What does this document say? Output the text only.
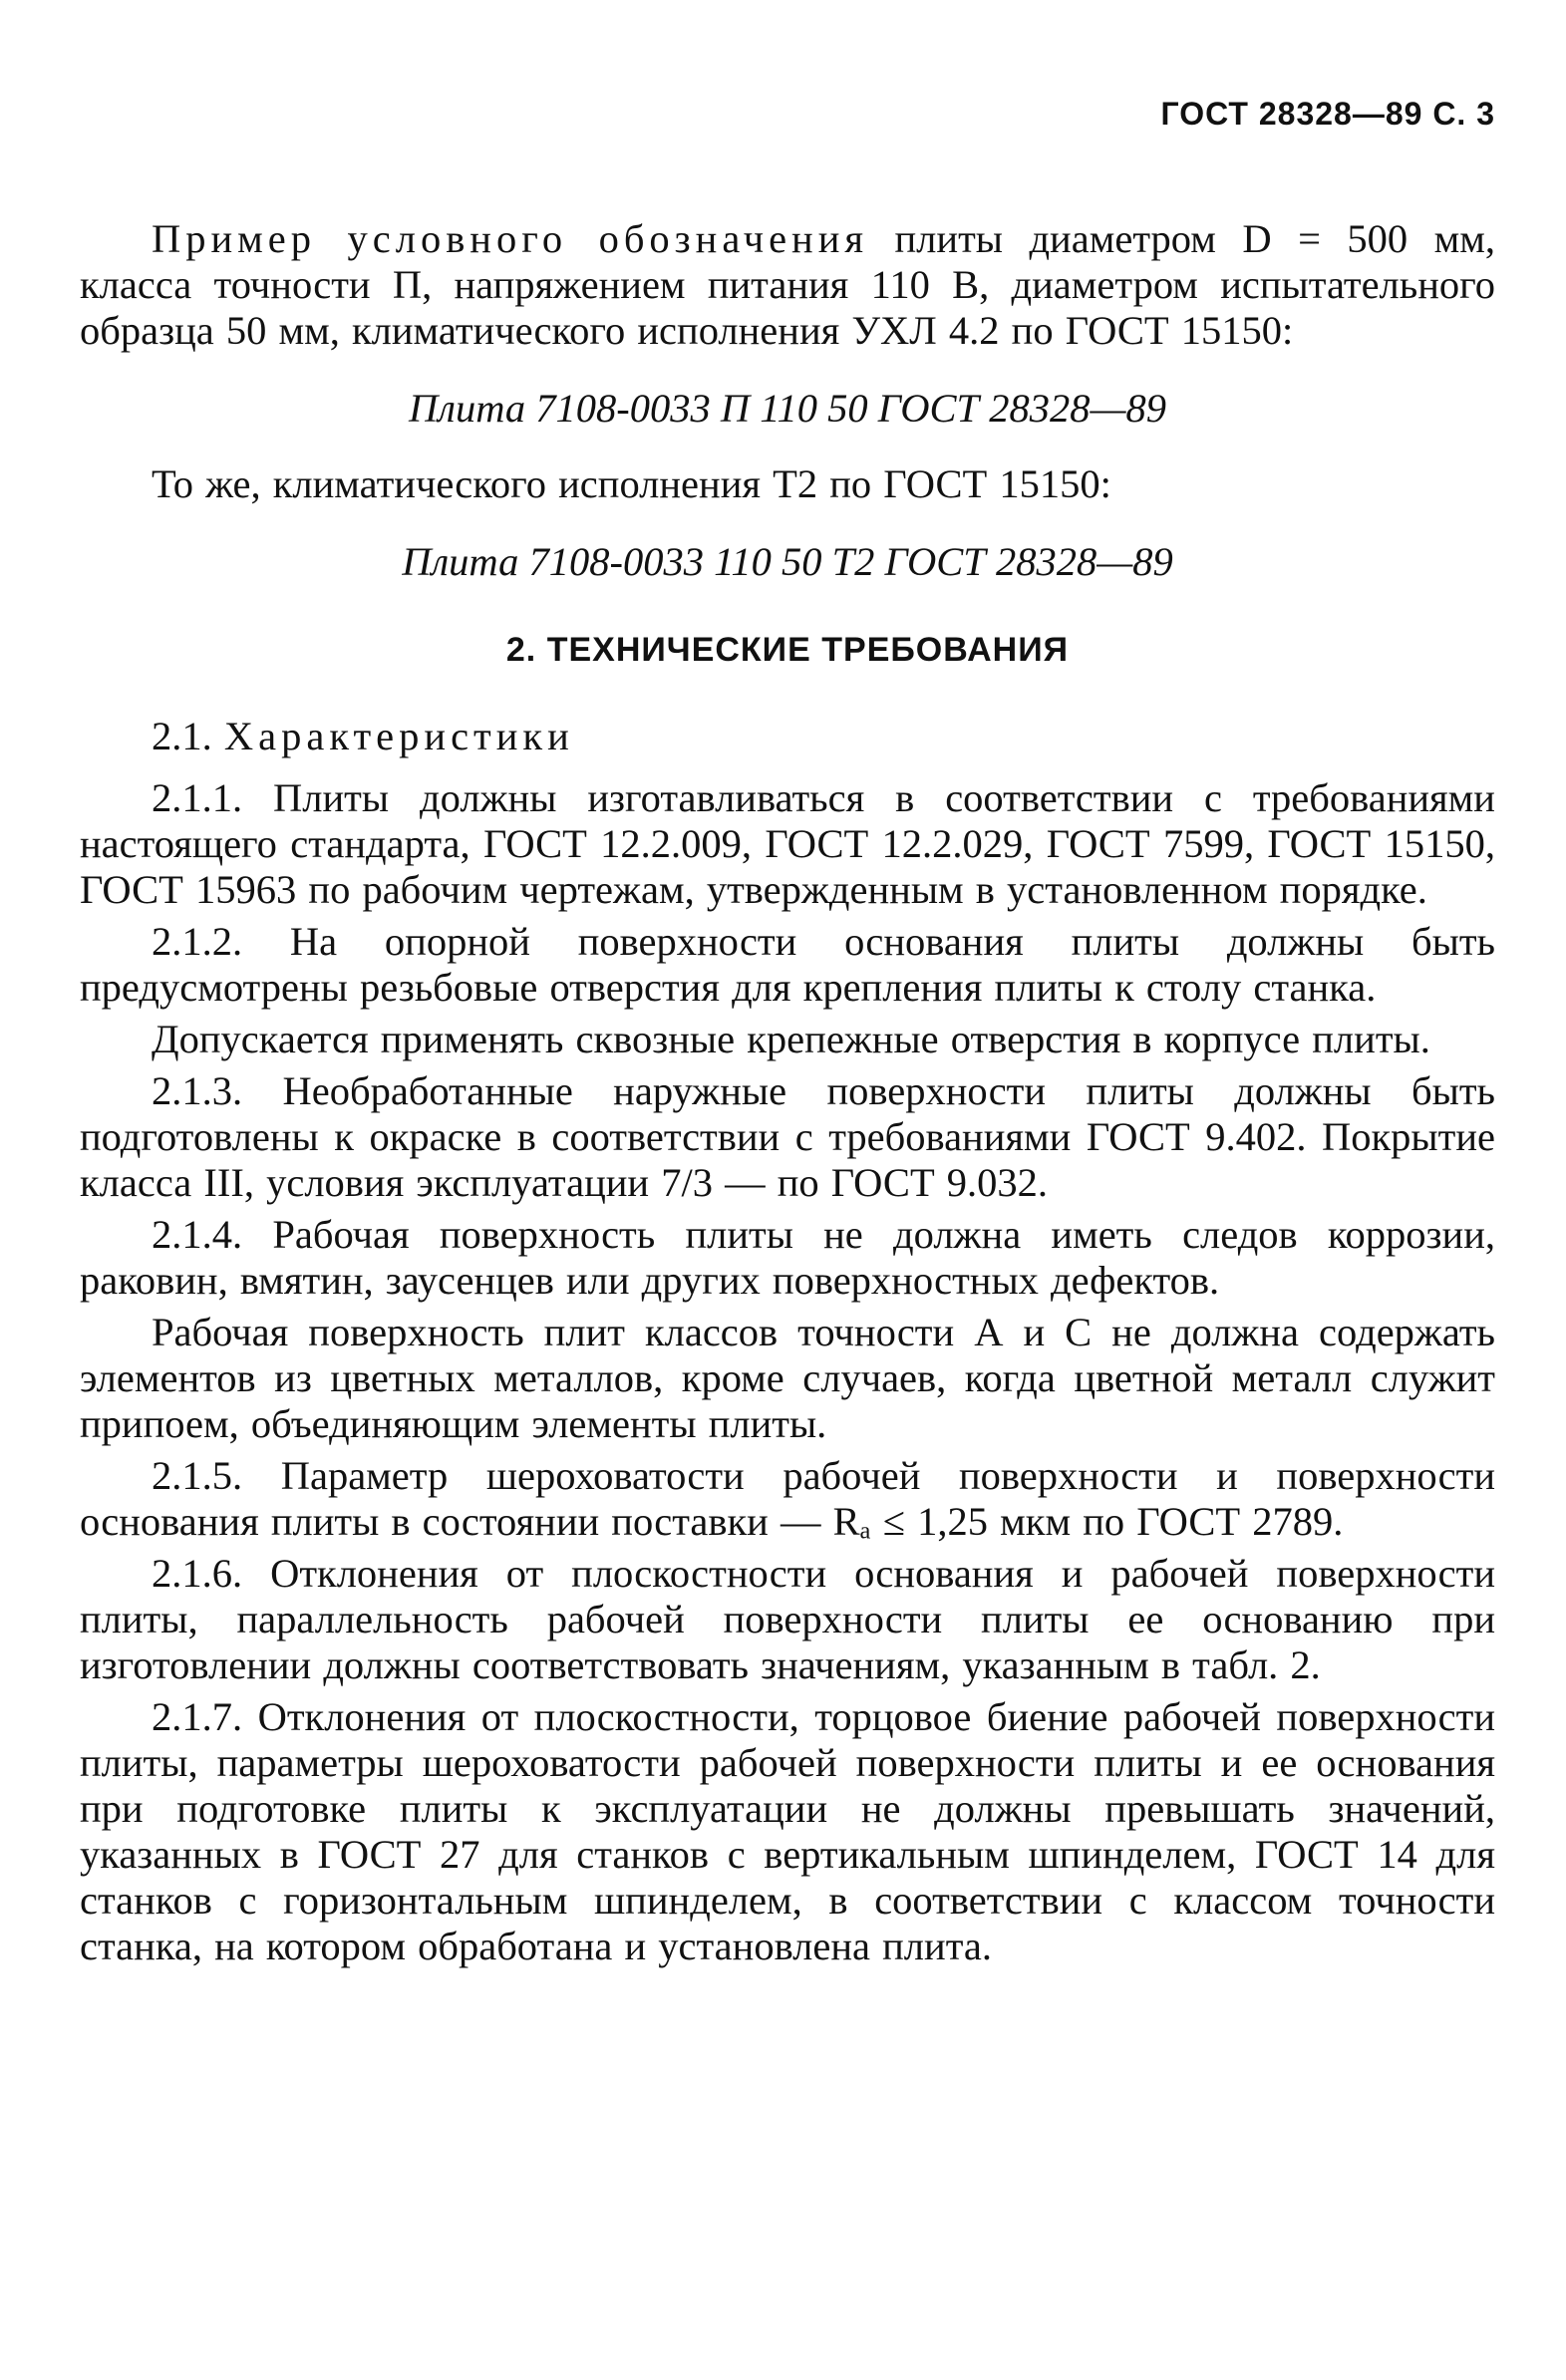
ГОСТ 28328—89 С. 3

Пример условного обозначения плиты диаметром D = 500 мм, класса точности П, напряжением питания 110 В, диаметром испытательного образца 50 мм, климатического исполнения УХЛ 4.2 по ГОСТ 15150:

Плита 7108-0033 П 110 50 ГОСТ 28328—89

То же, климатического исполнения Т2 по ГОСТ 15150:

Плита 7108-0033 110 50 Т2 ГОСТ 28328—89
2. ТЕХНИЧЕСКИЕ ТРЕБОВАНИЯ

2.1. Характеристики

2.1.1. Плиты должны изготавливаться в соответствии с требованиями настоящего стандарта, ГОСТ 12.2.009, ГОСТ 12.2.029, ГОСТ 7599, ГОСТ 15150, ГОСТ 15963 по рабочим чертежам, утвержденным в установленном порядке.

2.1.2. На опорной поверхности основания плиты должны быть предусмотрены резьбовые отверстия для крепления плиты к столу станка.

Допускается применять сквозные крепежные отверстия в корпусе плиты.

2.1.3. Необработанные наружные поверхности плиты должны быть подготовлены к окраске в соответствии с требованиями ГОСТ 9.402. Покрытие класса III, условия эксплуатации 7/3 — по ГОСТ 9.032.

2.1.4. Рабочая поверхность плиты не должна иметь следов коррозии, раковин, вмятин, заусенцев или других поверхностных дефектов.

Рабочая поверхность плит классов точности А и С не должна содержать элементов из цветных металлов, кроме случаев, когда цветной металл служит припоем, объединяющим элементы плиты.

2.1.5. Параметр шероховатости рабочей поверхности и поверхности основания плиты в состоянии поставки — Rₐ ≤ 1,25 мкм по ГОСТ 2789.

2.1.6. Отклонения от плоскостности основания и рабочей поверхности плиты, параллельность рабочей поверхности плиты ее основанию при изготовлении должны соответствовать значениям, указанным в табл. 2.

2.1.7. Отклонения от плоскостности, торцовое биение рабочей поверхности плиты, параметры шероховатости рабочей поверхности плиты и ее основания при подготовке плиты к эксплуатации не должны превышать значений, указанных в ГОСТ 27 для станков с вертикальным шпинделем, ГОСТ 14 для станков с горизонтальным шпинделем, в соответствии с классом точности станка, на котором обработана и установлена плита.
